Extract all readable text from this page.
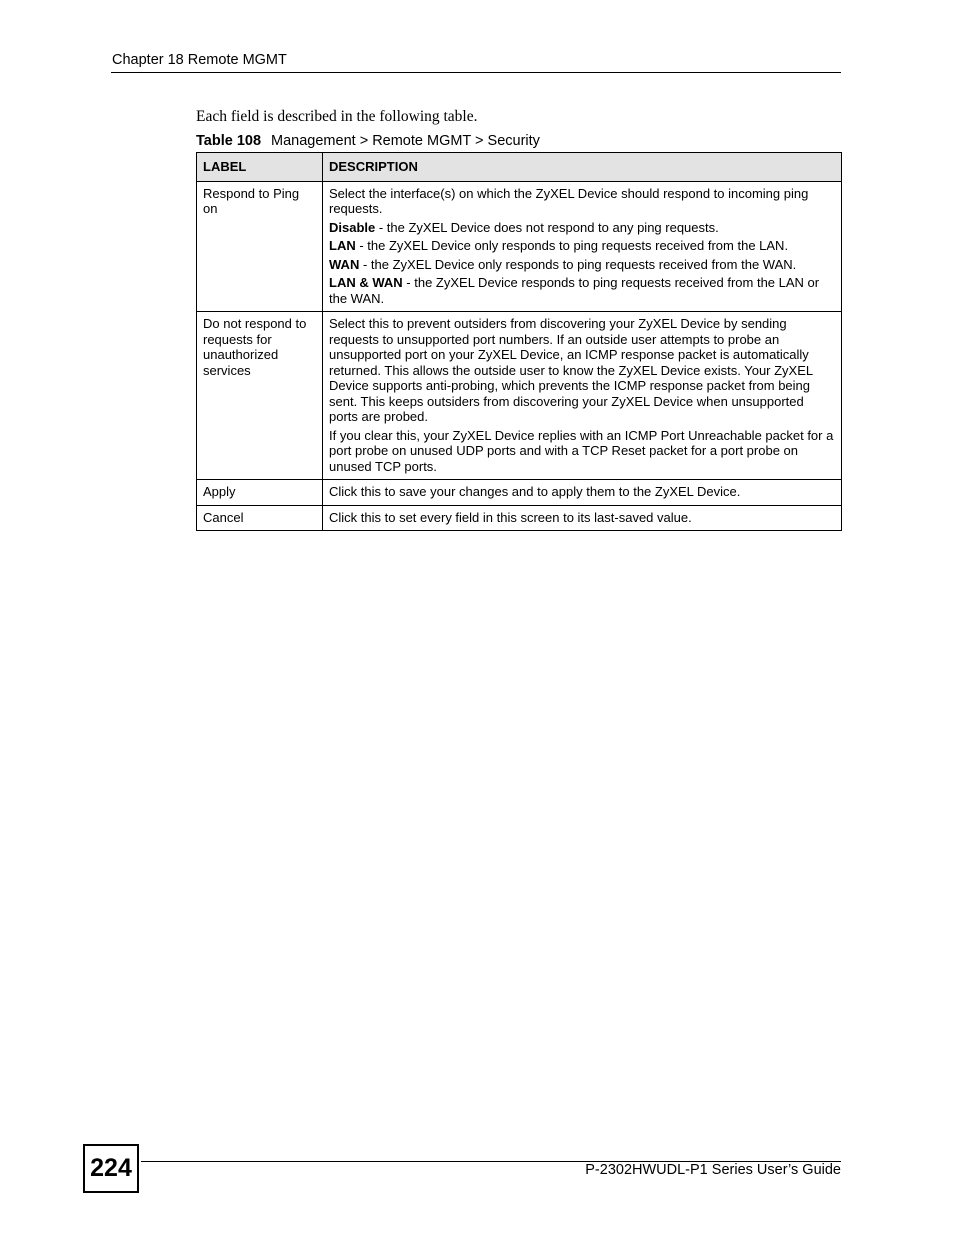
Chapter 18 Remote MGMT
Each field is described in the following table.
Table 108 Management > Remote MGMT > Security
LABEL	DESCRIPTION
Respond to Ping on	Select the interface(s) on which the ZyXEL Device should respond to incoming ping requests.

Disable - the ZyXEL Device does not respond to any ping requests.

LAN - the ZyXEL Device only responds to ping requests received from the LAN.

WAN - the ZyXEL Device only responds to ping requests received from the WAN.

LAN & WAN - the ZyXEL Device responds to ping requests received from the LAN or the WAN.

Do not respond to requests for unauthorized services	Select this to prevent outsiders from discovering your ZyXEL Device by sending requests to unsupported port numbers. If an outside user attempts to probe an unsupported port on your ZyXEL Device, an ICMP response packet is automatically returned. This allows the outside user to know the ZyXEL Device exists. Your ZyXEL Device supports anti-probing, which prevents the ICMP response packet from being sent. This keeps outsiders from discovering your ZyXEL Device when unsupported ports are probed.

If you clear this, your ZyXEL Device replies with an ICMP Port Unreachable packet for a port probe on unused UDP ports and with a TCP Reset packet for a port probe on unused TCP ports.

Apply	Click this to save your changes and to apply them to the ZyXEL Device.

Cancel	Click this to set every field in this screen to its last-saved value.

224	P-2302HWUDL-P1 Series User’s Guide
